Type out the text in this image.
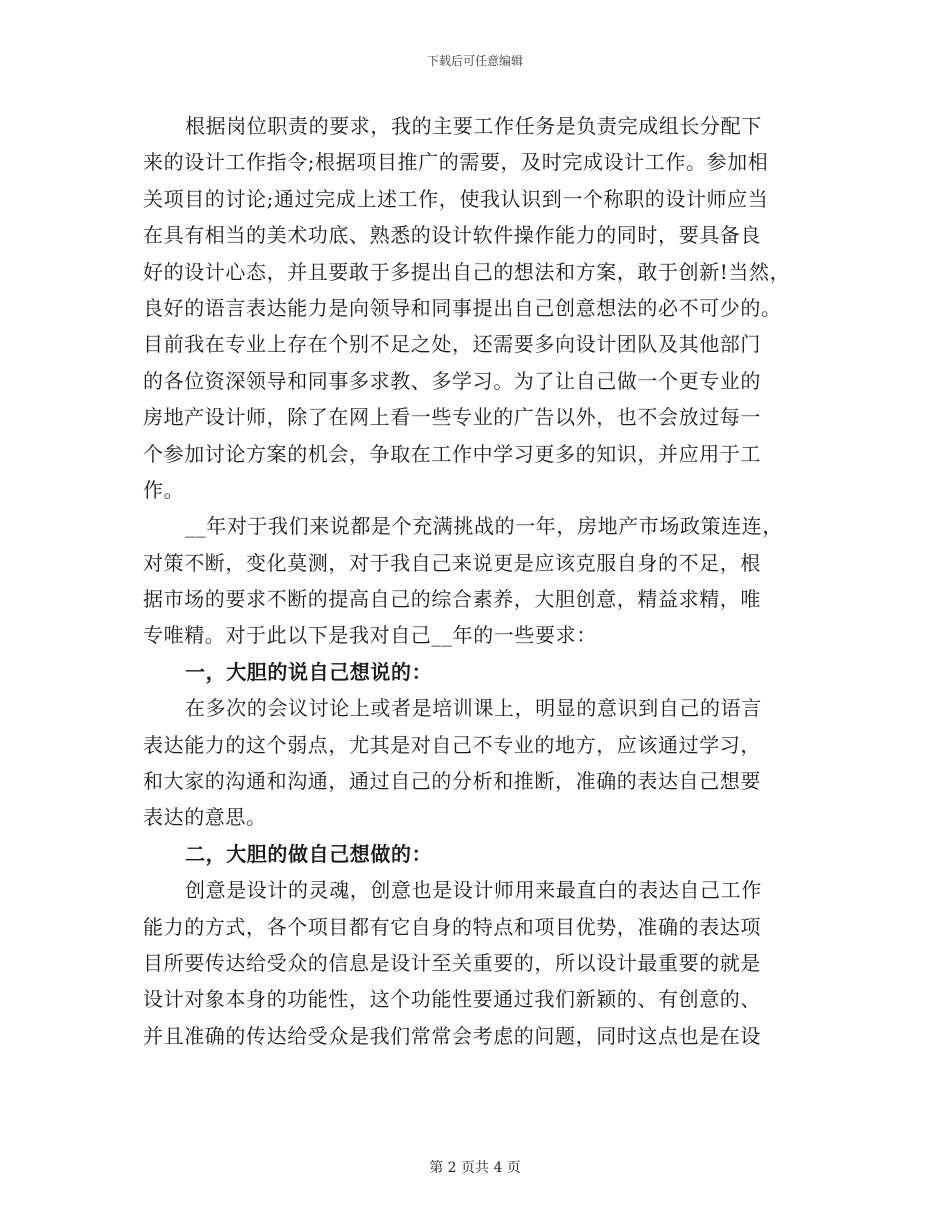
下载后可任意编辑
根据岗位职责的要求，我的主要工作任务是负责完成组长分配下
来的设计工作指令;根据项目推广的需要，及时完成设计工作。参加相
关项目的讨论;通过完成上述工作，使我认识到一个称职的设计师应当
在具有相当的美术功底、熟悉的设计软件操作能力的同时，要具备良
好的设计心态，并且要敢于多提出自己的想法和方案，敢于创新!当然，
良好的语言表达能力是向领导和同事提出自己创意想法的必不可少的。
目前我在专业上存在个别不足之处，还需要多向设计团队及其他部门
的各位资深领导和同事多求教、多学习。为了让自己做一个更专业的
房地产设计师，除了在网上看一些专业的广告以外，也不会放过每一
个参加讨论方案的机会，争取在工作中学习更多的知识，并应用于工
作。
__年对于我们来说都是个充满挑战的一年，房地产市场政策连连，
对策不断，变化莫测，对于我自己来说更是应该克服自身的不足，根
据市场的要求不断的提高自己的综合素养，大胆创意，精益求精，唯
专唯精。对于此以下是我对自己__年的一些要求：
一，大胆的说自己想说的：
在多次的会议讨论上或者是培训课上，明显的意识到自己的语言
表达能力的这个弱点，尤其是对自己不专业的地方，应该通过学习，
和大家的沟通和沟通，通过自己的分析和推断，准确的表达自己想要
表达的意思。
二，大胆的做自己想做的：
创意是设计的灵魂，创意也是设计师用来最直白的表达自己工作
能力的方式，各个项目都有它自身的特点和项目优势，准确的表达项
目所要传达给受众的信息是设计至关重要的，所以设计最重要的就是
设计对象本身的功能性，这个功能性要通过我们新颖的、有创意的、
并且准确的传达给受众是我们常常会考虑的问题，同时这点也是在设
第 2 页共 4 页
